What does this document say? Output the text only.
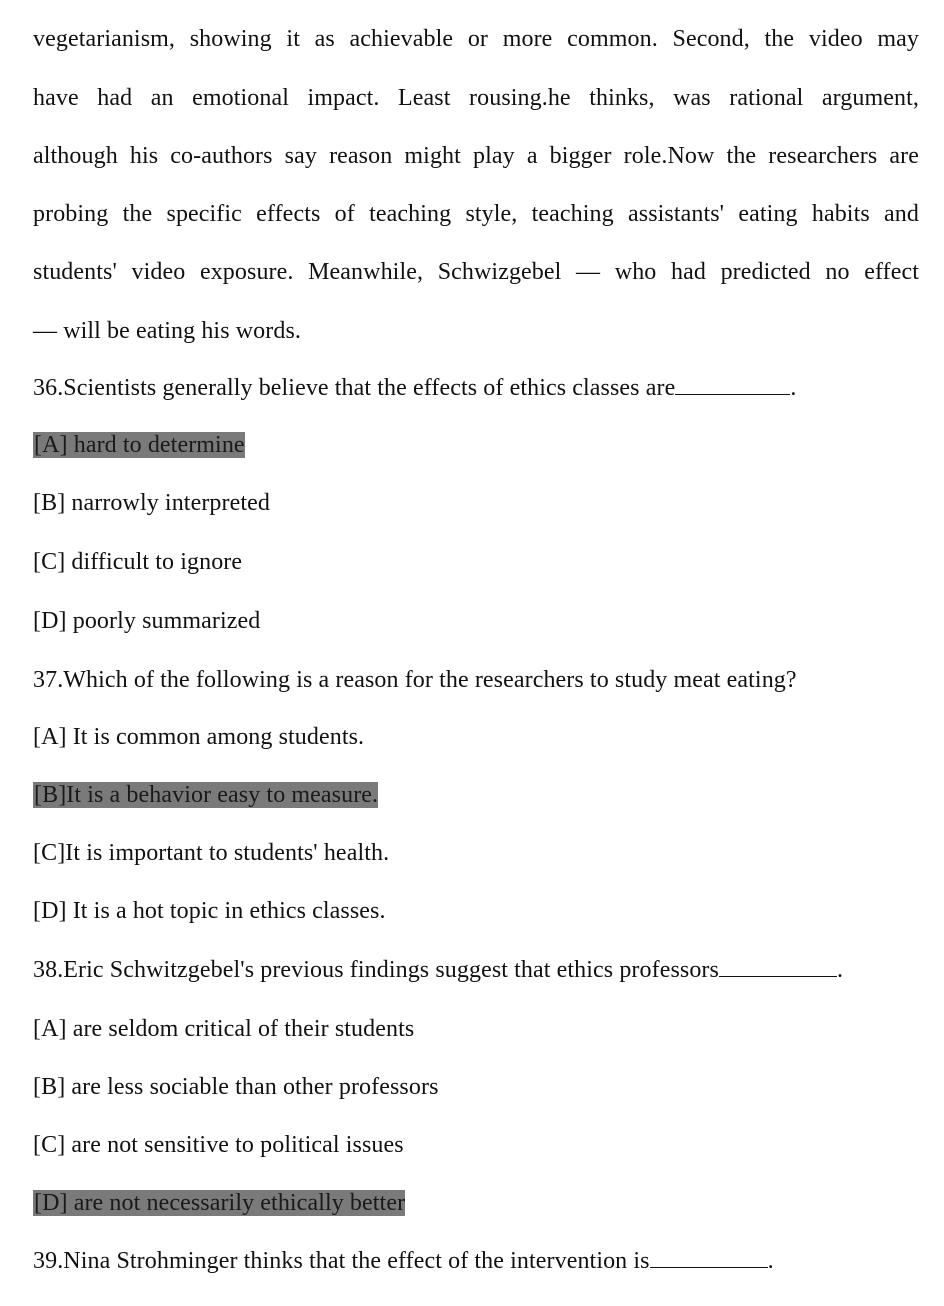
vegetarianism, showing it as achievable or more common. Second, the video may
have had an emotional impact. Least rousing.he thinks, was rational argument,
although his co-authors say reason might play a bigger role.Now the researchers are
probing the specific effects of teaching style, teaching assistants' eating habits and
students' video exposure. Meanwhile, Schwizgebel — who had predicted no effect
— will be eating his words.
36.Scientists generally believe that the effects of ethics classes are	.
[A] hard to determine
[B] narrowly interpreted
[C] difficult to ignore
[D] poorly summarized
37.Which of the following is a reason for the researchers to study meat eating?
[A] It is common among students.
[B]It is a behavior easy to measure.
[C]It is important to students' health.
[D] It is a hot topic in ethics classes.
38.Eric Schwitzgebel's previous findings suggest that ethics professors	.
[A] are seldom critical of their students
[B] are less sociable than other professors
[C] are not sensitive to political issues
[D] are not necessarily ethically better
39.Nina Strohminger thinks that the effect of the intervention is	.
